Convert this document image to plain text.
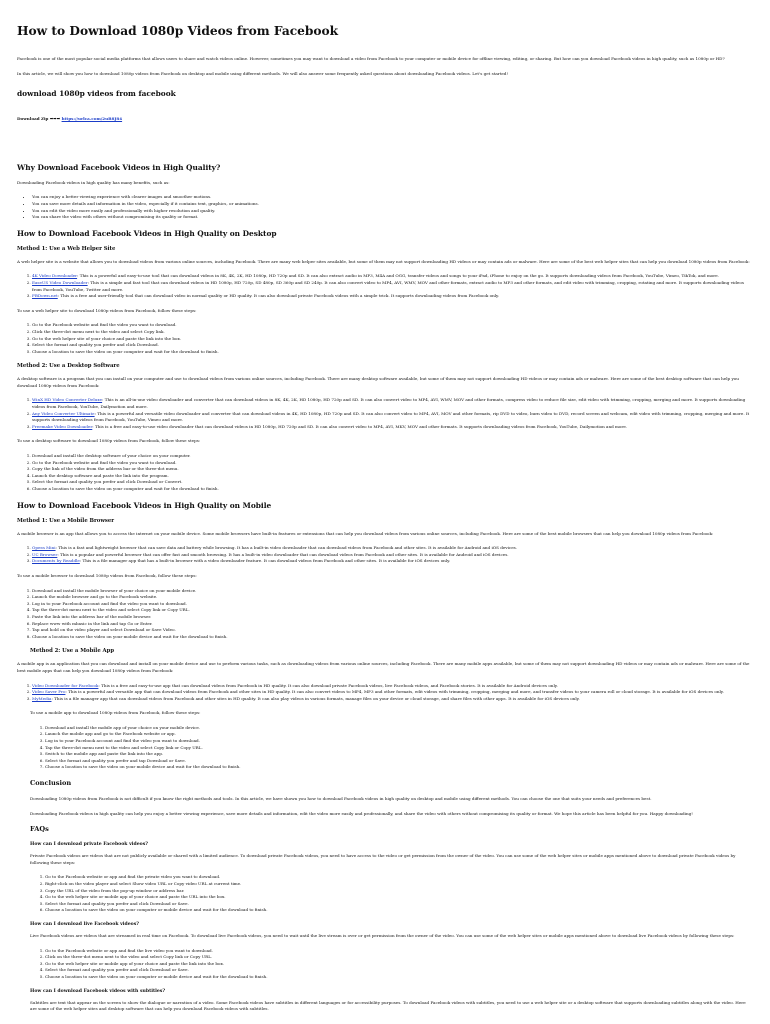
How to Download 1080p Videos from Facebook

Facebook is one of the most popular social media platforms that allows users to share and watch videos online. However, sometimes you may want to download a video from Facebook to your computer or mobile device for offline viewing, editing, or sharing. But how can you download Facebook videos in high quality, such as 1080p or HD?

In this article, we will show you how to download 1080p videos from Facebook on desktop and mobile using different methods. We will also answer some frequently asked questions about downloading Facebook videos. Let's get started!

download 1080p videos from facebook

Download Zip ➡➡➡ https://urlca.com/2uB8J84

Why Download Facebook Videos in High Quality?

Downloading Facebook videos in high quality has many benefits, such as:

• You can enjoy a better viewing experience with clearer images and smoother motions.
• You can save more details and information in the video, especially if it contains text, graphics, or animations.
• You can edit the video more easily and professionally with higher resolution and quality.
• You can share the video with others without compromising its quality or format.
How to Download Facebook Videos in High Quality on Desktop
Method 1: Use a Web Helper Site

A web helper site is a website that allows you to download videos from various online sources, including Facebook. There are many web helper sites available, but some of them may not support downloading HD videos or may contain ads or malware. Here are some of the best web helper sites that can help you download 1080p videos from Facebook:

1. 4K Video Downloader: This is a powerful and easy-to-use tool that can download videos in 8K, 4K, 2K, HD 1080p, HD 720p and SD. It can also extract audio in MP3, M4A and OGG, transfer videos and songs to your iPad, iPhone to enjoy on the go. It supports downloading videos from Facebook, YouTube, Vimeo, TikTok, and more.
2. EaseUS Video Downloader: This is a simple and fast tool that can download videos in HD 1080p, HD 720p, SD 480p, SD 360p and SD 240p. It can also convert video to MP4, AVI, WMV, MOV and other formats, extract audio to MP3 and other formats, and edit video with trimming, cropping, rotating and more. It supports downloading videos from Facebook, YouTube, Twitter and more.
3. FBDown.net: This is a free and user-friendly tool that can download video in normal quality or HD quality. It can also download private Facebook videos with a simple trick. It supports downloading videos from Facebook only.

To use a web helper site to download 1080p videos from Facebook, follow these steps:

1. Go to the Facebook website and find the video you want to download.
2. Click the three-dot menu next to the video and select Copy link.
3. Go to the web helper site of your choice and paste the link into the box.
4. Select the format and quality you prefer and click Download.
5. Choose a location to save the video on your computer and wait for the download to finish.
Method 2: Use a Desktop Software

A desktop software is a program that you can install on your computer and use to download videos from various online sources, including Facebook. There are many desktop software available, but some of them may not support downloading HD videos or may contain ads or malware. Here are some of the best desktop software that can help you download 1080p videos from Facebook:

1. WinX HD Video Converter Deluxe: This is an all-in-one video downloader and converter that can download videos in 8K, 4K, 2K, HD 1080p, HD 720p and SD. It can also convert video to MP4, AVI, WMV, MOV and other formats, compress video to reduce file size, edit video with trimming, cropping, merging and more. It supports downloading videos from Facebook, YouTube, Dailymotion and more.
2. Any Video Converter Ultimate: This is a powerful and versatile video downloader and converter that can download videos in 4K, HD 1080p, HD 720p and SD. It can also convert video to MP4, AVI, MOV and other formats, rip DVD to video, burn video to DVD, record screen and webcam, edit video with trimming, cropping, merging and more. It supports downloading videos from Facebook, YouTube, Vimeo and more.
3. Freemake Video Downloader: This is a free and easy-to-use video downloader that can download videos in HD 1080p, HD 720p and SD. It can also convert video to MP4, AVI, MKV, MOV and other formats. It supports downloading videos from Facebook, YouTube, Dailymotion and more.

To use a desktop software to download 1080p videos from Facebook, follow these steps:

1. Download and install the desktop software of your choice on your computer.
2. Go to the Facebook website and find the video you want to download.
3. Copy the link of the video from the address bar or the three-dot menu.
4. Launch the desktop software and paste the link into the program.
5. Select the format and quality you prefer and click Download or Convert.
6. Choose a location to save the video on your computer and wait for the download to finish.
How to Download Facebook Videos in High Quality on Mobile
Method 1: Use a Mobile Browser

A mobile browser is an app that allows you to access the internet on your mobile device. Some mobile browsers have built-in features or extensions that can help you download videos from various online sources, including Facebook. Here are some of the best mobile browsers that can help you download 1080p videos from Facebook:

1. Opera Mini: This is a fast and lightweight browser that can save data and battery while browsing. It has a built-in video downloader that can download videos from Facebook and other sites. It is available for Android and iOS devices.
2. UC Browser: This is a popular and powerful browser that can offer fast and smooth browsing. It has a built-in video downloader that can download videos from Facebook and other sites. It is available for Android and iOS devices.
3. Documents by Readdle: This is a file manager app that has a built-in browser with a video downloader feature. It can download videos from Facebook and other sites. It is available for iOS devices only.

To use a mobile browser to download 1080p videos from Facebook, follow these steps:

1. Download and install the mobile browser of your choice on your mobile device.
2. Launch the mobile browser and go to the Facebook website.
3. Log in to your Facebook account and find the video you want to download.
4. Tap the three-dot menu next to the video and select Copy link or Copy URL.
5. Paste the link into the address bar of the mobile browser.
6. Replace www with mbasic in the link and tap Go or Enter.
7. Tap and hold on the video player and select Download or Save Video.
8. Choose a location to save the video on your mobile device and wait for the download to finish.
Method 2: Use a Mobile App

A mobile app is an application that you can download and install on your mobile device and use to perform various tasks, such as downloading videos from various online sources, including Facebook. There are many mobile apps available, but some of them may not support downloading HD videos or may contain ads or malware. Here are some of the best mobile apps that can help you download 1080p videos from Facebook:

1. Video Downloader for Facebook: This is a free and easy-to-use app that can download videos from Facebook in HD quality. It can also download private Facebook videos, live Facebook videos, and Facebook stories. It is available for Android devices only.
2. Video Saver Pro: This is a powerful and versatile app that can download videos from Facebook and other sites in HD quality. It can also convert videos to MP4, MP3 and other formats, edit videos with trimming, cropping, merging and more, and transfer videos to your camera roll or cloud storage. It is available for iOS devices only.
3. MyMedia: This is a file manager app that can download videos from Facebook and other sites in HD quality. It can also play videos in various formats, manage files on your device or cloud storage, and share files with other apps. It is available for iOS devices only.

To use a mobile app to download 1080p videos from Facebook, follow these steps:

1. Download and install the mobile app of your choice on your mobile device.
2. Launch the mobile app and go to the Facebook website or app.
3. Log in to your Facebook account and find the video you want to download.
4. Tap the three-dot menu next to the video and select Copy link or Copy URL.
5. Switch to the mobile app and paste the link into the app.
6. Select the format and quality you prefer and tap Download or Save.
7. Choose a location to save the video on your mobile device and wait for the download to finish.
Conclusion

Downloading 1080p videos from Facebook is not difficult if you know the right methods and tools. In this article, we have shown you how to download Facebook videos in high quality on desktop and mobile using different methods. You can choose the one that suits your needs and preferences best.

Downloading Facebook videos in high quality can help you enjoy a better viewing experience, save more details and information, edit the video more easily and professionally, and share the video with others without compromising its quality or format. We hope this article has been helpful for you. Happy downloading!

FAQs
How can I download private Facebook videos?

Private Facebook videos are videos that are not publicly available or shared with a limited audience. To download private Facebook videos, you need to have access to the video or get permission from the owner of the video. You can use some of the web helper sites or mobile apps mentioned above to download private Facebook videos by following these steps:

1. Go to the Facebook website or app and find the private video you want to download.
2. Right-click on the video player and select Show video URL or Copy video URL at current time.
3. Copy the URL of the video from the pop-up window or address bar.
4. Go to the web helper site or mobile app of your choice and paste the URL into the box.
5. Select the format and quality you prefer and click Download or Save.
6. Choose a location to save the video on your computer or mobile device and wait for the download to finish.
How can I download live Facebook videos?

Live Facebook videos are videos that are streamed in real time on Facebook. To download live Facebook videos, you need to wait until the live stream is over or get permission from the owner of the video. You can use some of the web helper sites or mobile apps mentioned above to download live Facebook videos by following these steps:

1. Go to the Facebook website or app and find the live video you want to download.
2. Click on the three-dot menu next to the video and select Copy link or Copy URL.
3. Go to the web helper site or mobile app of your choice and paste the link into the box.
4. Select the format and quality you prefer and click Download or Save.
5. Choose a location to save the video on your computer or mobile device and wait for the download to finish.
How can I download Facebook videos with subtitles?

Subtitles are text that appear on the screen to show the dialogue or narration of a video. Some Facebook videos have subtitles in different languages or for accessibility purposes. To download Facebook videos with subtitles, you need to use a web helper site or a desktop software that supports downloading subtitles along with the video. Here are some of the web helper sites and desktop software that can help you download Facebook videos with subtitles.
